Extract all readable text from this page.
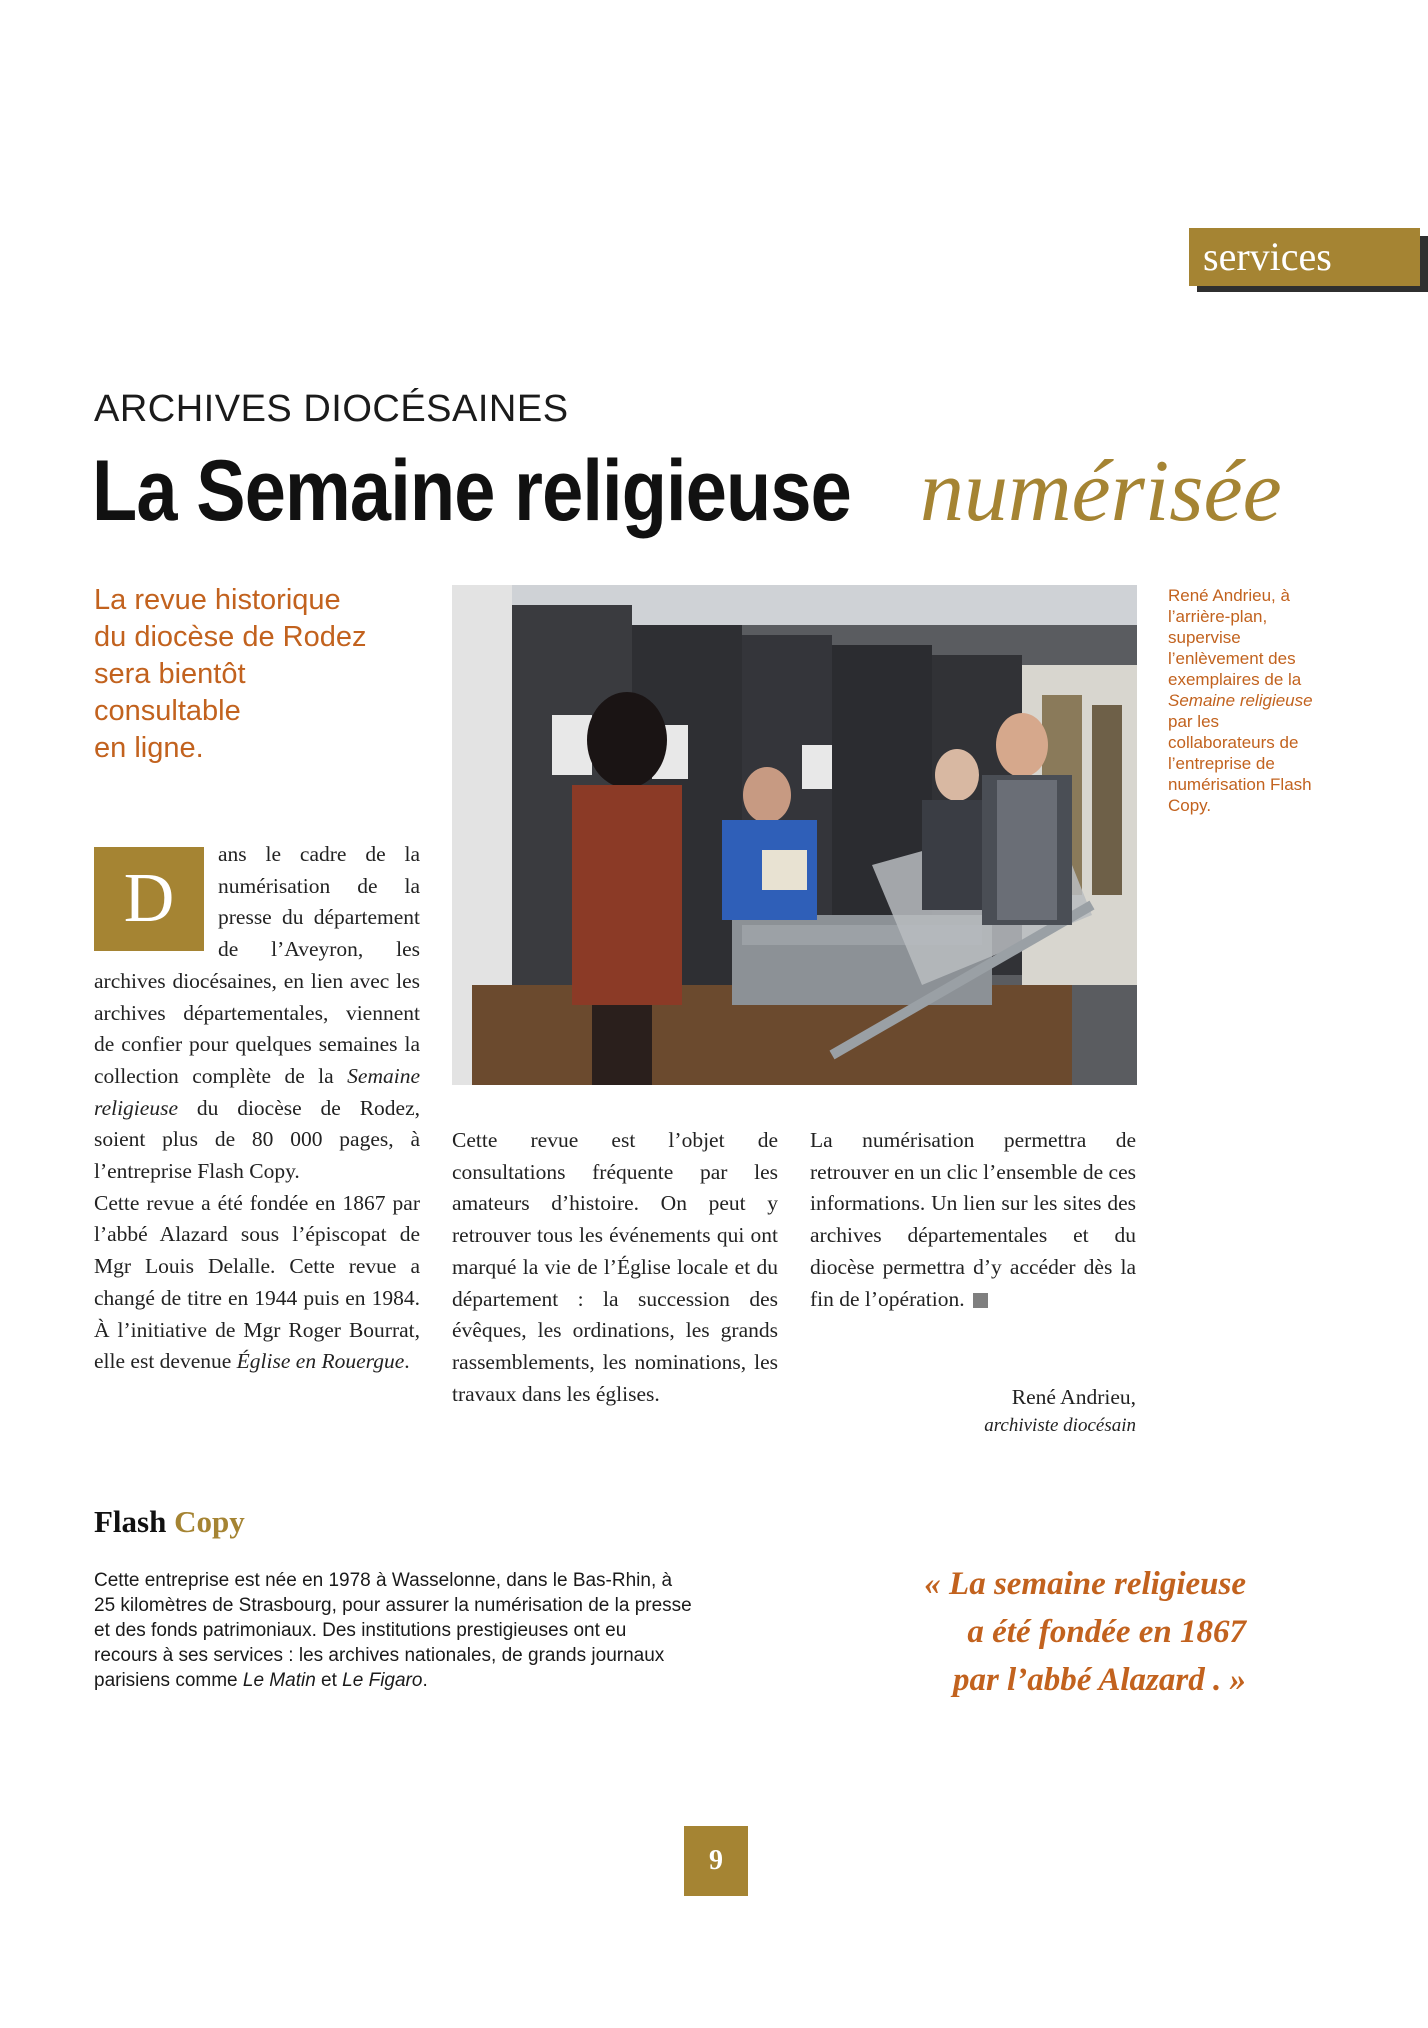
services
ARCHIVES DIOCÉSAINES
La Semaine religieuse numérisée
La revue historique
du diocèse de Rodez
sera bientôt
consultable
en ligne.
René Andrieu, à l’arrière-plan, supervise l’enlèvement des exemplaires de la Semaine religieuse par les collaborateurs de l’entreprise de numérisation Flash Copy.
D
ans le cadre de la numérisation de la presse du département de l’Aveyron, les archives diocésaines, en lien avec les archives départementales, viennent de confier pour quelques semaines la collection complète de la Semaine religieuse du diocèse de Rodez, soient plus de 80 000 pages, à l’entreprise Flash Copy.
Cette revue a été fondée en 1867 par l’abbé Alazard sous l’épiscopat de Mgr Louis Delalle. Cette revue a changé de titre en 1944 puis en 1984. À l’initiative de Mgr Roger Bourrat, elle est devenue Église en Rouergue.
Cette revue est l’objet de consultations fréquente par les amateurs d’histoire. On peut y retrouver tous les événements qui ont marqué la vie de l’Église locale et du département : la succession des évêques, les ordinations, les grands rassemblements, les nominations, les travaux dans les églises.
La numérisation permettra de retrouver en un clic l’ensemble de ces informations. Un lien sur les sites des archives départementales et du diocèse permettra d’y accéder dès la fin de l’opération.
René Andrieu,
archiviste diocésain
Flash Copy
Cette entreprise est née en 1978 à Wasselonne, dans le Bas-Rhin, à 25 kilomètres de Strasbourg, pour assurer la numérisation de la presse et des fonds patrimoniaux. Des institutions prestigieuses ont eu recours à ses services : les archives nationales, de grands journaux parisiens comme Le Matin et Le Figaro.
« La semaine religieuse
a été fondée en 1867
par l’abbé Alazard . »
9
